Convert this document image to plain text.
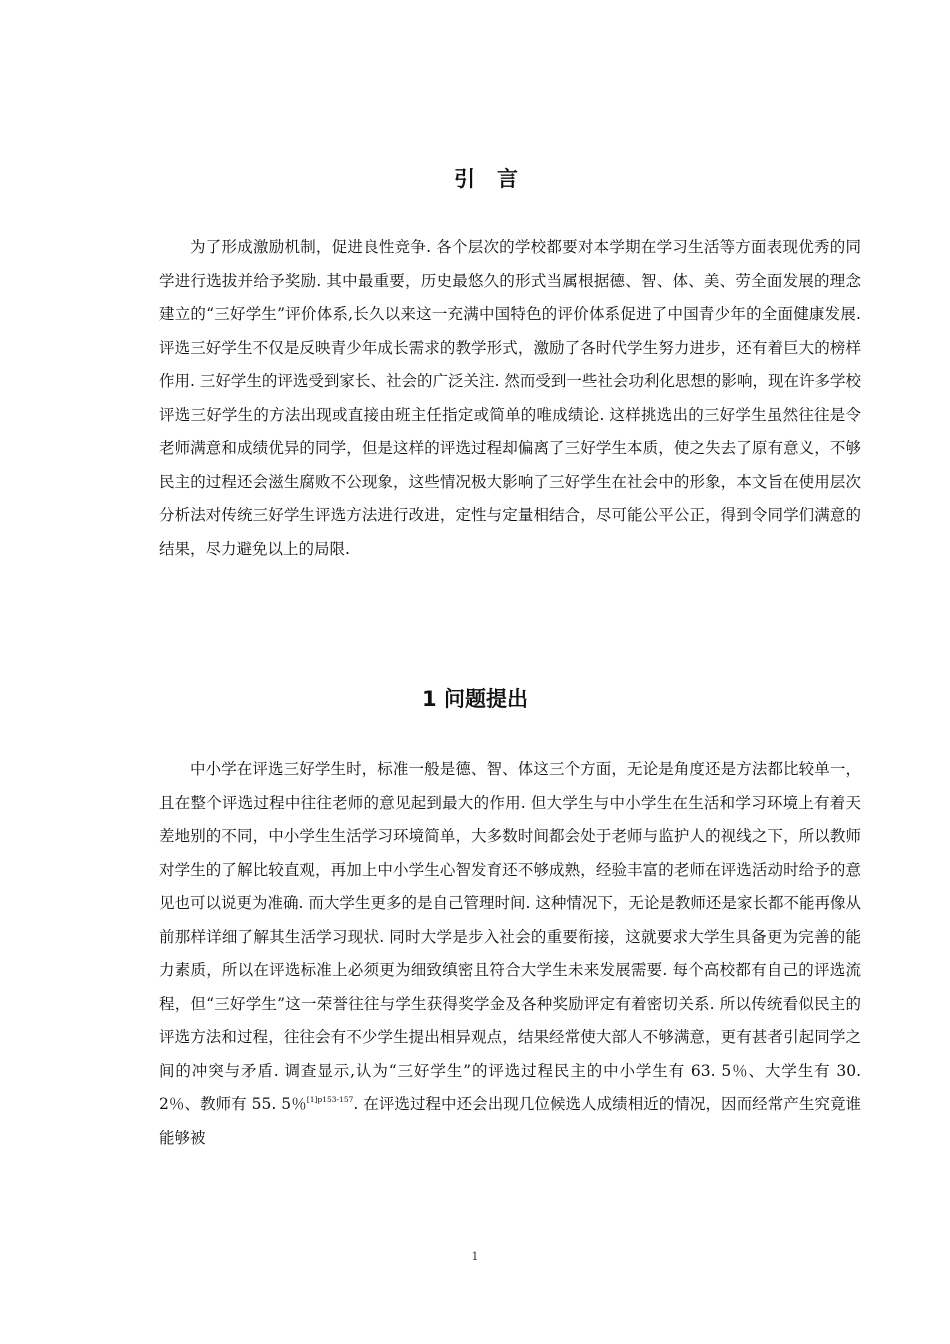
引言

为了形成激励机制，促进良性竞争. 各个层次的学校都要对本学期在学习生活等方面表现优秀的同学进行选拔并给予奖励. 其中最重要，历史最悠久的形式当属根据德、智、体、美、劳全面发展的理念建立的“三好学生”评价体系,长久以来这一充满中国特色的评价体系促进了中国青少年的全面健康发展. 评选三好学生不仅是反映青少年成长需求的教学形式，激励了各时代学生努力进步，还有着巨大的榜样作用. 三好学生的评选受到家长、社会的广泛关注. 然而受到一些社会功利化思想的影响，现在许多学校评选三好学生的方法出现或直接由班主任指定或简单的唯成绩论. 这样挑选出的三好学生虽然往往是令老师满意和成绩优异的同学，但是这样的评选过程却偏离了三好学生本质，使之失去了原有意义，不够民主的过程还会滋生腐败不公现象，这些情况极大影响了三好学生在社会中的形象，本文旨在使用层次分析法对传统三好学生评选方法进行改进，定性与定量相结合，尽可能公平公正，得到令同学们满意的结果，尽力避免以上的局限.

1 问题提出

中小学在评选三好学生时，标准一般是德、智、体这三个方面，无论是角度还是方法都比较单一，且在整个评选过程中往往老师的意见起到最大的作用. 但大学生与中小学生在生活和学习环境上有着天差地别的不同，中小学生生活学习环境简单，大多数时间都会处于老师与监护人的视线之下，所以教师对学生的了解比较直观，再加上中小学生心智发育还不够成熟，经验丰富的老师在评选活动时给予的意见也可以说更为准确. 而大学生更多的是自己管理时间. 这种情况下，无论是教师还是家长都不能再像从前那样详细了解其生活学习现状. 同时大学是步入社会的重要衔接，这就要求大学生具备更为完善的能力素质，所以在评选标准上必须更为细致缜密且符合大学生未来发展需要. 每个高校都有自己的评选流程，但“三好学生”这一荣誉往往与学生获得奖学金及各种奖励评定有着密切关系. 所以传统看似民主的评选方法和过程，往往会有不少学生提出相异观点，结果经常使大部人不够满意，更有甚者引起同学之间的冲突与矛盾. 调查显示,认为“三好学生”的评选过程民主的中小学生有 63. 5％、大学生有 30. 2％、教师有 55. 5％$^{[1]p153-157}$. 在评选过程中还会出现几位候选人成绩相近的情况，因而经常产生究竟谁能够被

1
